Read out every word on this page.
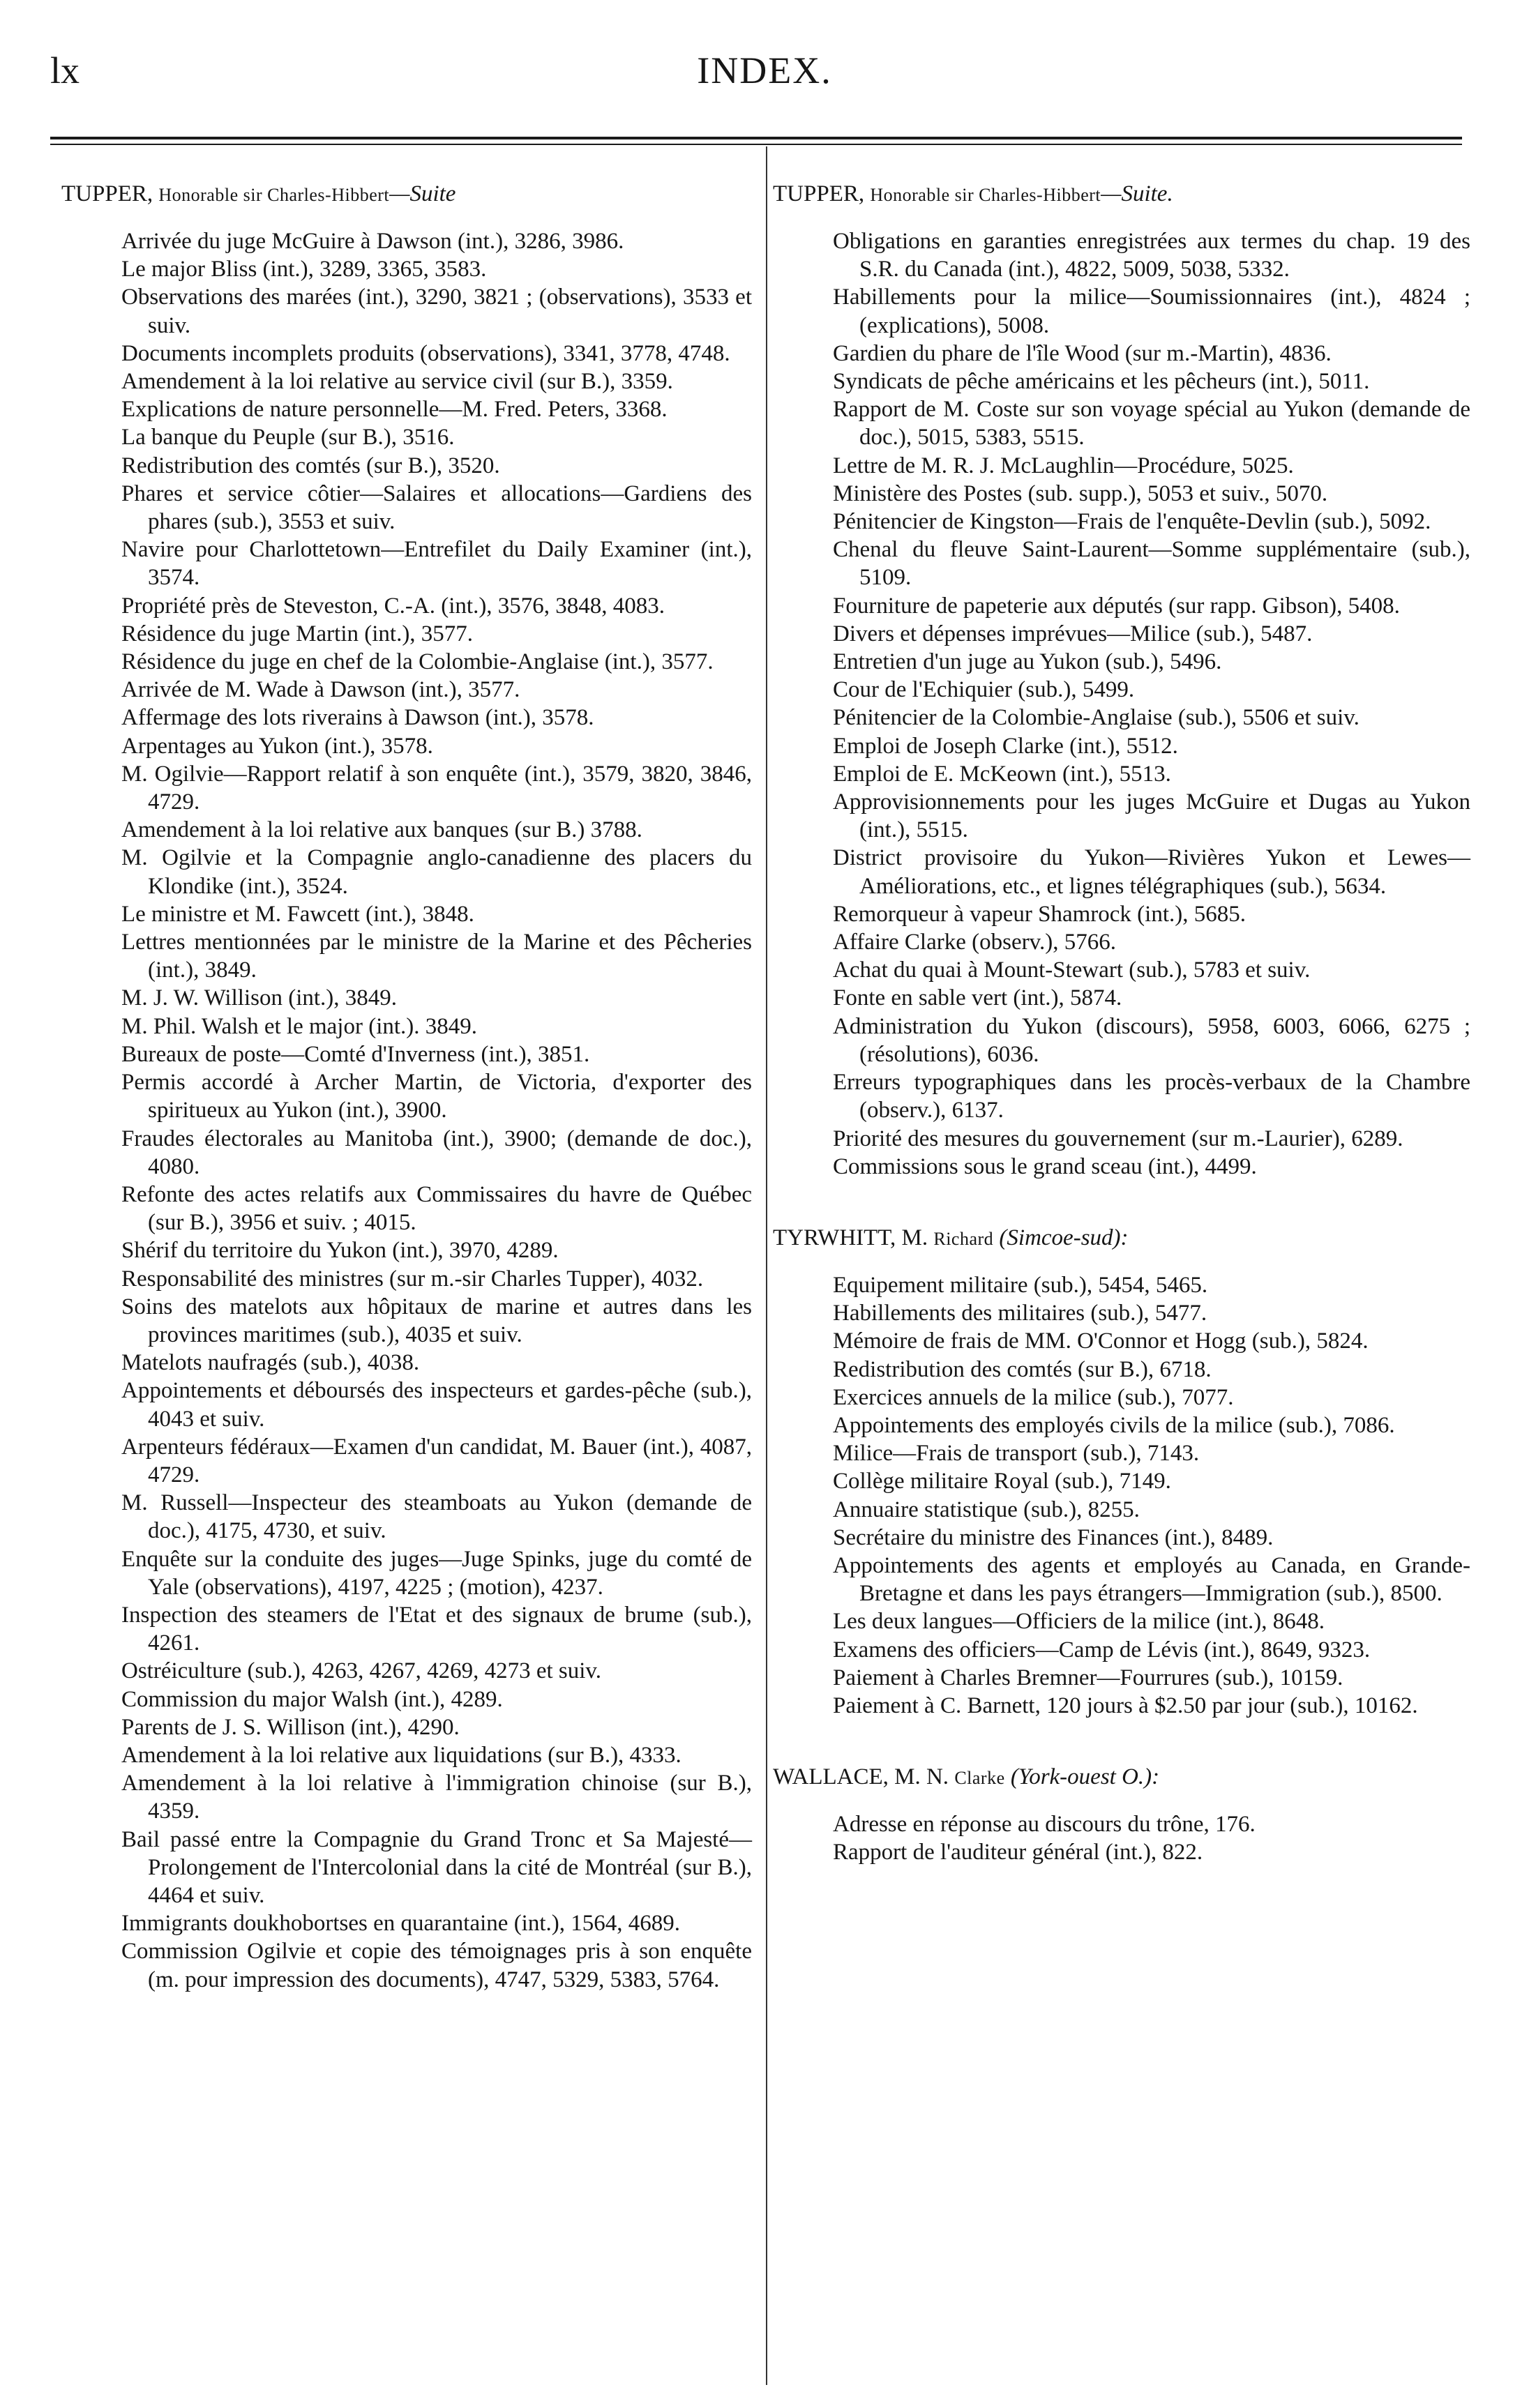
lx	INDEX.
TUPPER, Honorable sir Charles-Hibbert—Suite
Arrivée du juge McGuire à Dawson (int.), 3286, 3986.
Le major Bliss (int.), 3289, 3365, 3583.
Observations des marées (int.), 3290, 3821 ; (observations), 3533 et suiv.
Documents incomplets produits (observations), 3341, 3778, 4748.
Amendement à la loi relative au service civil (sur B.), 3359.
Explications de nature personnelle—M. Fred. Peters, 3368.
La banque du Peuple (sur B.), 3516.
Redistribution des comtés (sur B.), 3520.
Phares et service côtier—Salaires et allocations—Gardiens des phares (sub.), 3553 et suiv.
Navire pour Charlottetown—Entrefilet du Daily Examiner (int.), 3574.
Propriété près de Steveston, C.-A. (int.), 3576, 3848, 4083.
Résidence du juge Martin (int.), 3577.
Résidence du juge en chef de la Colombie-Anglaise (int.), 3577.
Arrivée de M. Wade à Dawson (int.), 3577.
Affermage des lots riverains à Dawson (int.), 3578.
Arpentages au Yukon (int.), 3578.
M. Ogilvie—Rapport relatif à son enquête (int.), 3579, 3820, 3846, 4729.
Amendement à la loi relative aux banques (sur B.) 3788.
M. Ogilvie et la Compagnie anglo-canadienne des placers du Klondike (int.), 3524.
Le ministre et M. Fawcett (int.), 3848.
Lettres mentionnées par le ministre de la Marine et des Pêcheries (int.), 3849.
M. J. W. Willison (int.), 3849.
M. Phil. Walsh et le major (int.). 3849.
Bureaux de poste—Comté d'Inverness (int.), 3851.
Permis accordé à Archer Martin, de Victoria, d'exporter des spiritueux au Yukon (int.), 3900.
Fraudes électorales au Manitoba (int.), 3900; (demande de doc.), 4080.
Refonte des actes relatifs aux Commissaires du havre de Québec (sur B.), 3956 et suiv. ; 4015.
Shérif du territoire du Yukon (int.), 3970, 4289.
Responsabilité des ministres (sur m.-sir Charles Tupper), 4032.
Soins des matelots aux hôpitaux de marine et autres dans les provinces maritimes (sub.), 4035 et suiv.
Matelots naufragés (sub.), 4038.
Appointements et déboursés des inspecteurs et gardes-pêche (sub.), 4043 et suiv.
Arpenteurs fédéraux—Examen d'un candidat, M. Bauer (int.), 4087, 4729.
M. Russell—Inspecteur des steamboats au Yukon (demande de doc.), 4175, 4730, et suiv.
Enquête sur la conduite des juges—Juge Spinks, juge du comté de Yale (observations), 4197, 4225 ; (motion), 4237.
Inspection des steamers de l'Etat et des signaux de brume (sub.), 4261.
Ostréiculture (sub.), 4263, 4267, 4269, 4273 et suiv.
Commission du major Walsh (int.), 4289.
Parents de J. S. Willison (int.), 4290.
Amendement à la loi relative aux liquidations (sur B.), 4333.
Amendement à la loi relative à l'immigration chinoise (sur B.), 4359.
Bail passé entre la Compagnie du Grand Tronc et Sa Majesté—Prolongement de l'Intercolonial dans la cité de Montréal (sur B.), 4464 et suiv.
Immigrants doukhobortses en quarantaine (int.), 1564, 4689.
Commission Ogilvie et copie des témoignages pris à son enquête (m. pour impression des documents), 4747, 5329, 5383, 5764.
TUPPER, Honorable sir Charles-Hibbert—Suite.
Obligations en garanties enregistrées aux termes du chap. 19 des S.R. du Canada (int.), 4822, 5009, 5038, 5332.
Habillements pour la milice—Soumissionnaires (int.), 4824 ; (explications), 5008.
Gardien du phare de l'île Wood (sur m.-Martin), 4836.
Syndicats de pêche américains et les pêcheurs (int.), 5011.
Rapport de M. Coste sur son voyage spécial au Yukon (demande de doc.), 5015, 5383, 5515.
Lettre de M. R. J. McLaughlin—Procédure, 5025.
Ministère des Postes (sub. supp.), 5053 et suiv., 5070.
Pénitencier de Kingston—Frais de l'enquête-Devlin (sub.), 5092.
Chenal du fleuve Saint-Laurent—Somme supplémentaire (sub.), 5109.
Fourniture de papeterie aux députés (sur rapp. Gibson), 5408.
Divers et dépenses imprévues—Milice (sub.), 5487.
Entretien d'un juge au Yukon (sub.), 5496.
Cour de l'Echiquier (sub.), 5499.
Pénitencier de la Colombie-Anglaise (sub.), 5506 et suiv.
Emploi de Joseph Clarke (int.), 5512.
Emploi de E. McKeown (int.), 5513.
Approvisionnements pour les juges McGuire et Dugas au Yukon (int.), 5515.
District provisoire du Yukon—Rivières Yukon et Lewes—Améliorations, etc., et lignes télégraphiques (sub.), 5634.
Remorqueur à vapeur Shamrock (int.), 5685.
Affaire Clarke (observ.), 5766.
Achat du quai à Mount-Stewart (sub.), 5783 et suiv.
Fonte en sable vert (int.), 5874.
Administration du Yukon (discours), 5958, 6003, 6066, 6275 ; (résolutions), 6036.
Erreurs typographiques dans les procès-verbaux de la Chambre (observ.), 6137.
Priorité des mesures du gouvernement (sur m.-Laurier), 6289.
Commissions sous le grand sceau (int.), 4499.
TYRWHITT, M. Richard (Simcoe-sud):
Equipement militaire (sub.), 5454, 5465.
Habillements des militaires (sub.), 5477.
Mémoire de frais de MM. O'Connor et Hogg (sub.), 5824.
Redistribution des comtés (sur B.), 6718.
Exercices annuels de la milice (sub.), 7077.
Appointements des employés civils de la milice (sub.), 7086.
Milice—Frais de transport (sub.), 7143.
Collège militaire Royal (sub.), 7149.
Annuaire statistique (sub.), 8255.
Secrétaire du ministre des Finances (int.), 8489.
Appointements des agents et employés au Canada, en Grande-Bretagne et dans les pays étrangers—Immigration (sub.), 8500.
Les deux langues—Officiers de la milice (int.), 8648.
Examens des officiers—Camp de Lévis (int.), 8649, 9323.
Paiement à Charles Bremner—Fourrures (sub.), 10159.
Paiement à C. Barnett, 120 jours à $2.50 par jour (sub.), 10162.
WALLACE, M. N. Clarke (York-ouest O.):
Adresse en réponse au discours du trône, 176.
Rapport de l'auditeur général (int.), 822.
